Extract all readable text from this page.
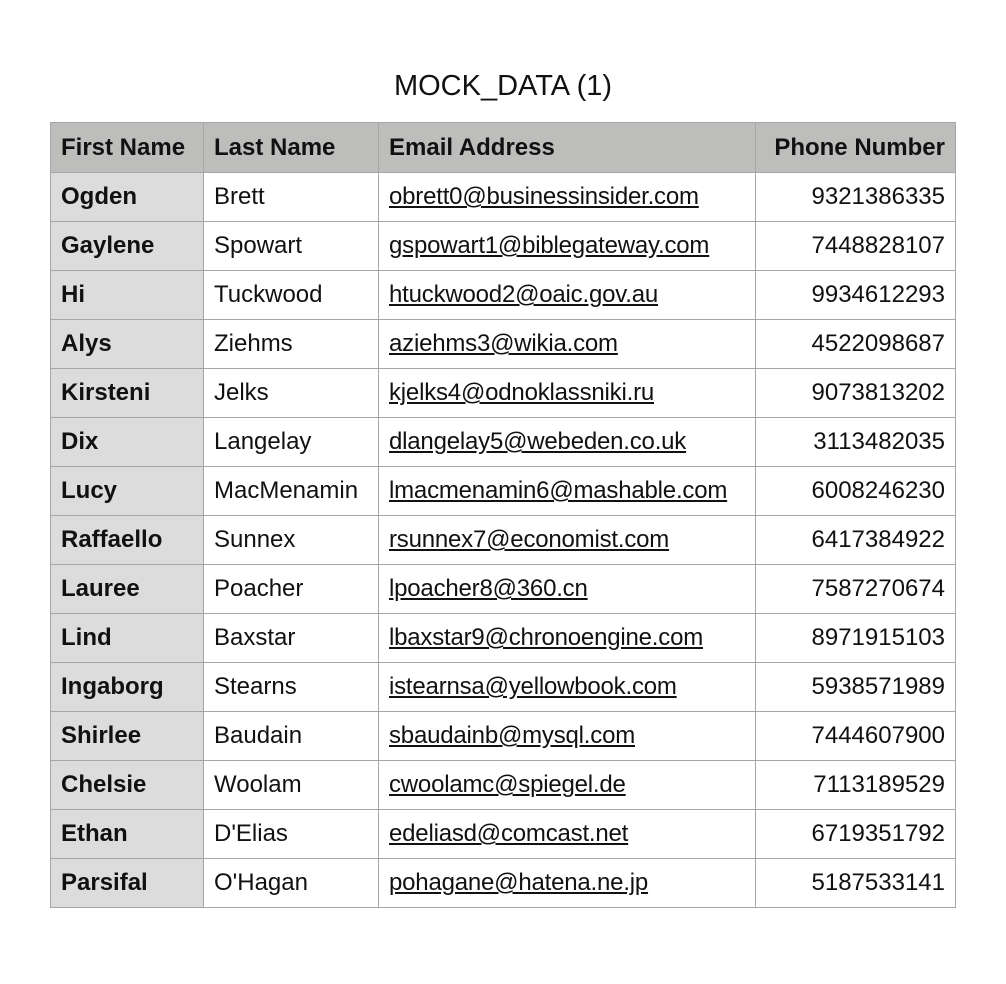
MOCK_DATA (1)
First Name	Last Name	Email Address	Phone Number
Ogden	Brett	obrett0@businessinsider.com	9321386335
Gaylene	Spowart	gspowart1@biblegateway.com	7448828107
Hi	Tuckwood	htuckwood2@oaic.gov.au	9934612293
Alys	Ziehms	aziehms3@wikia.com	4522098687
Kirsteni	Jelks	kjelks4@odnoklassniki.ru	9073813202
Dix	Langelay	dlangelay5@webeden.co.uk	3113482035
Lucy	MacMenamin	lmacmenamin6@mashable.com	6008246230
Raffaello	Sunnex	rsunnex7@economist.com	6417384922
Lauree	Poacher	lpoacher8@360.cn	7587270674
Lind	Baxstar	lbaxstar9@chronoengine.com	8971915103
Ingaborg	Stearns	istearnsa@yellowbook.com	5938571989
Shirlee	Baudain	sbaudainb@mysql.com	7444607900
Chelsie	Woolam	cwoolamc@spiegel.de	7113189529
Ethan	D'Elias	edeliasd@comcast.net	6719351792
Parsifal	O'Hagan	pohagane@hatena.ne.jp	5187533141
